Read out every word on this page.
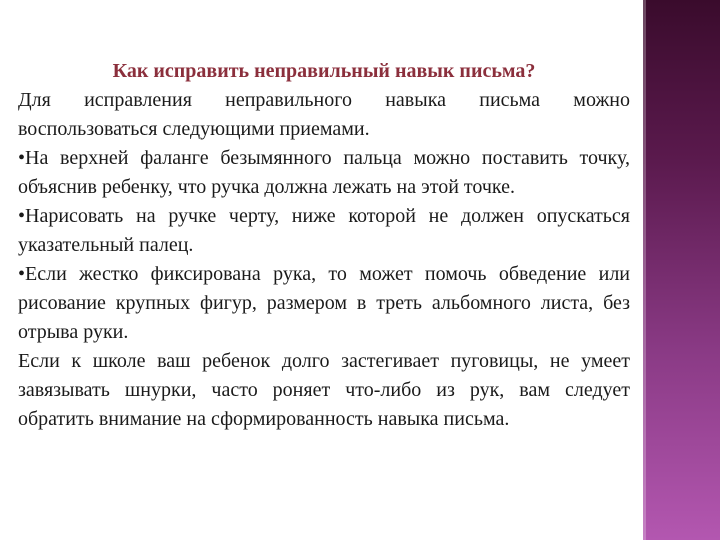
Как исправить неправильный навык письма?

Для исправления неправильного навыка письма можно воспользоваться следующими приемами.

•На верхней фаланге безымянного пальца можно поставить точку, объяснив ребенку, что ручка должна лежать на этой точке.

•Нарисовать на ручке черту, ниже которой не должен опускаться указательный палец.

•Если жестко фиксирована рука, то может помочь обведение или рисование крупных фигур, размером в треть альбомного листа, без отрыва руки.

Если к школе ваш ребенок долго застегивает пуговицы, не умеет завязывать шнурки, часто роняет что-либо из рук, вам следует обратить внимание на сформированность навыка письма.
